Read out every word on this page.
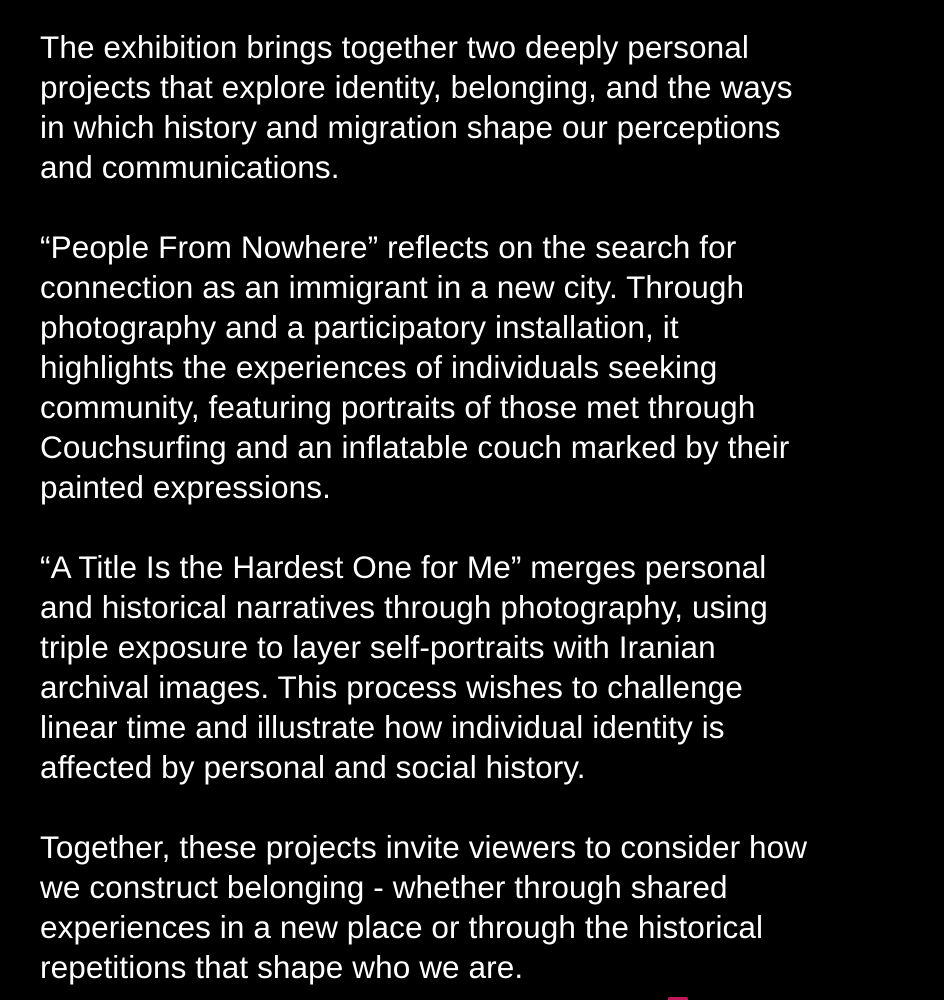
The exhibition brings together two deeply personal
projects that explore identity, belonging, and the ways
in which history and migration shape our perceptions
and communications.

“People From Nowhere” reflects on the search for
connection as an immigrant in a new city. Through
photography and a participatory installation, it
highlights the experiences of individuals seeking
community, featuring portraits of those met through
Couchsurfing and an inflatable couch marked by their
painted expressions.

“A Title Is the Hardest One for Me” merges personal
and historical narratives through photography, using
triple exposure to layer self-portraits with Iranian
archival images. This process wishes to challenge
linear time and illustrate how individual identity is
affected by personal and social history.

Together, these projects invite viewers to consider how
we construct belonging - whether through shared
experiences in a new place or through the historical
repetitions that shape who we are.
